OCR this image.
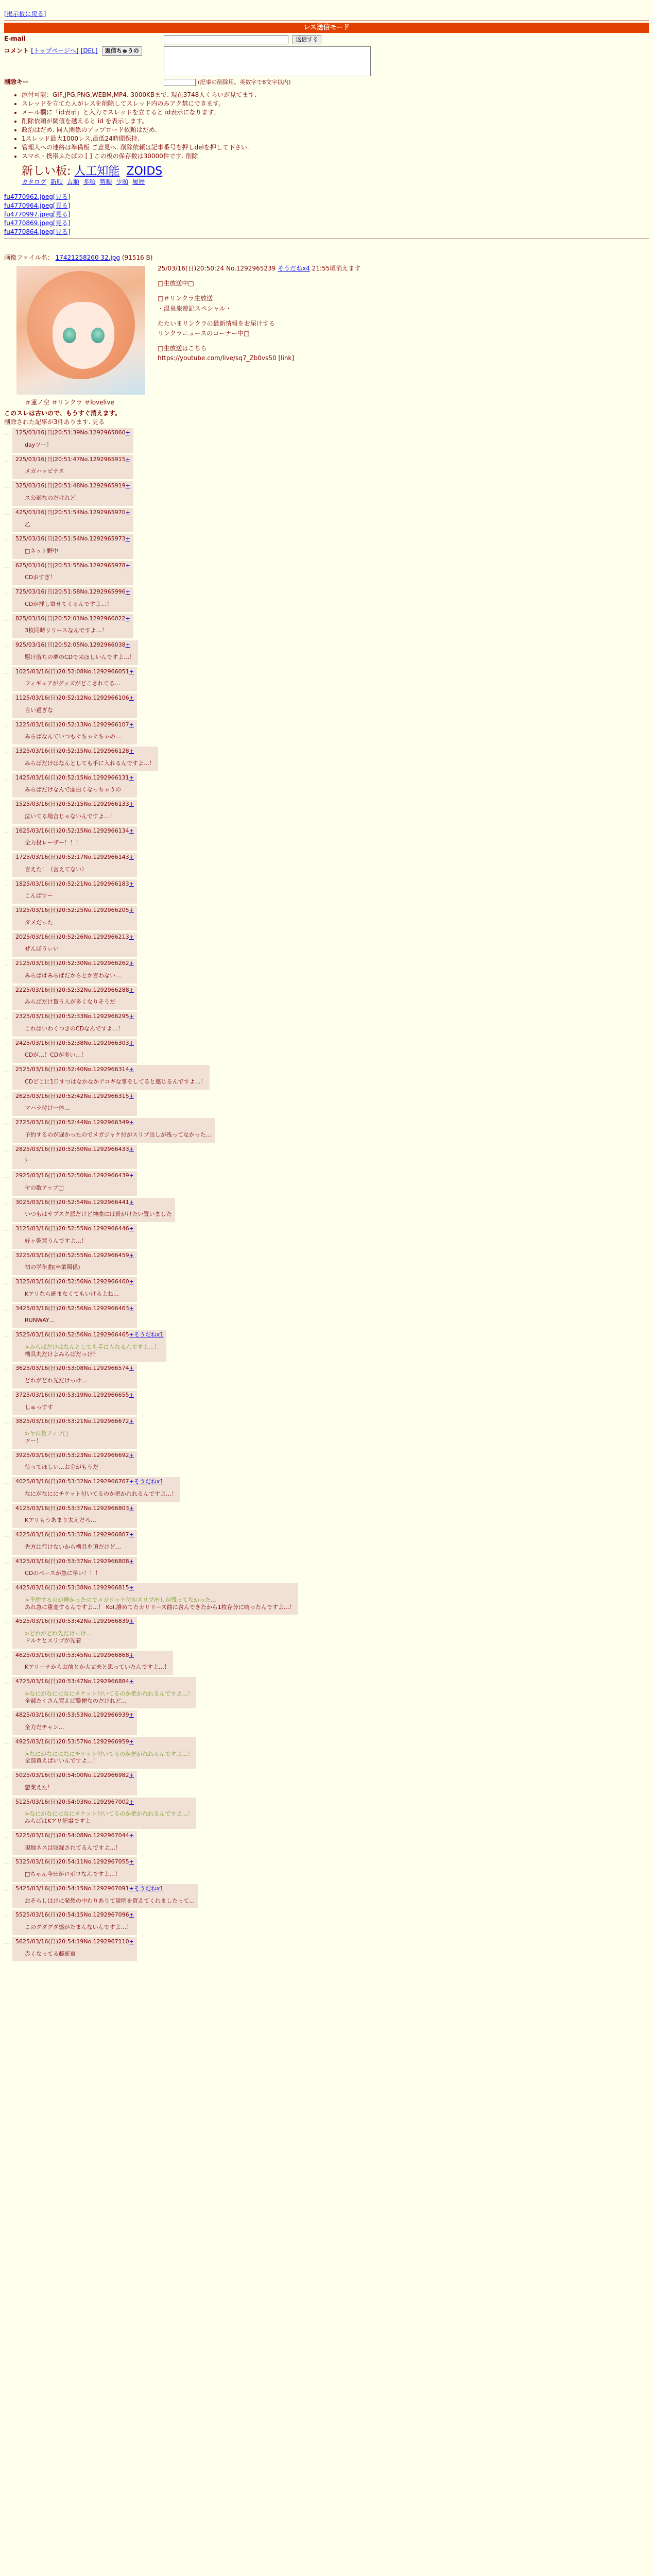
[掲示板に戻る]
レス送信モード
E-mail	返信する
コメント [トップページへ] [DEL] 返信ちゅうの
削除キー	(記事の削除用。英数字で8文字以内)
• 添付可能：GIF,JPG,PNG,WEBM,MP4. 3000KBまで. 現在3748人くらいが見てます.
• スレッドを立てた人がレスを削除してスレッド内のみアク禁にできます。
• メール欄に「id表示」と入力でスレッドを立てると id表示になります。
• 削除依頼が閾値を越えると id を表示します。
• 政治はだめ. 同人関係のアップロード依頼はだめ.
• 1スレッド最大1000レス,最低24時間保持.
• 管理人への連絡は準備板 ご意見へ. 削除依頼は記事番号を押しdelを押して下さい.
• スマホ・携帯ふたばの [ ] この板の保存数は30000件です. 削除
新しい板: 人工知能 ZOIDS
カタログ 新順 古順 多順 勢順 少順 履歴
fu4770962.jpeg[見る]
fu4770964.jpeg[見る]
fu4770997.jpeg[見る]
fu4770869.jpeg[見る]
fu4770864.jpeg[見る]
画像ファイル名： 17421258260 32.jpg (91516 B)
25/03/16(日)20:50:24 No.1292965239 そうだねx4 21:55頃消えます
□生放送中□
□＃リンクラ生放送
・温泉旅遊記スペシャル・
たたいまリンクラの最新情報をお届けする
リンクラニュースのコーナー中□
□生放送はこちら
https://youtube.com/live/sq7_Zb0vs50 [link]
＃蓮ノ空 ＃リンクラ ＃lovelive
このスレは古いので、もうすぐ消えます。
削除された記事が3件あります. 見る
… 125/03/16(日)20:51:39No.1292965860+
dayツー！
… 225/03/16(日)20:51:47No.1292965915+
メガハッピナス
… 325/03/16(日)20:51:48No.1292965919+
ス公部なのだけれど
… 425/03/16(日)20:51:54No.1292965970+
乙
… 525/03/16(日)20:51:54No.1292965973+
□ネット野中
… 625/03/16(日)20:51:55No.1292965978+
CDおすぎ！
… 725/03/16(日)20:51:58No.1292965996+
CDが押し寄せてくるんですよ…！
… 825/03/16(日)20:52:01No.1292966022+
3枚同時リリースなんですよ…！
… 925/03/16(日)20:52:05No.1292966038+
駆け落ちの夢のCDで来ほしいんですよ…！
… 1025/03/16(日)20:52:08No.1292966051+
フィギュアがグッズがどこされてる…
… 1125/03/16(日)20:52:12No.1292966106+
言い過ぎな
… 1225/03/16(日)20:52:13No.1292966107+
みらばなんていつもぐちゃぐちゃの…
… 1325/03/16(日)20:52:15No.1292966128+
みらばだけはなんとしても手に入れるんですよ…！
… 1425/03/16(日)20:52:15No.1292966131+
みらばだけなんで面白くなっちゃうの
… 1525/03/16(日)20:52:15No.1292966133+
泣いてる場合じゃないんですよ…！
… 1625/03/16(日)20:52:15No.1292966134+
全力投レーザー！！！
… 1725/03/16(日)20:52:17No.1292966143+
言えた！（言えてない）
… 1825/03/16(日)20:52:21No.1292966183+
こんばすー
… 1925/03/16(日)20:52:25No.1292966205+
ダメだった
… 2025/03/16(日)20:52:26No.1292966213+
ぜんぼうぃい
… 2125/03/16(日)20:52:30No.1292966262+
みらばはみらばだからとか言わない…
… 2225/03/16(日)20:52:32No.1292966288+
みらばだけ貰う人が多くなりそうだ
… 2325/03/16(日)20:52:33No.1292966295+
これはいわくつきのCDなんですよ…！
… 2425/03/16(日)20:52:38No.1292966303+
CDが…！CDが多い…！
… 2525/03/16(日)20:52:40No.1292966314+
CDどこに1日すつはなかなかアコギな事をしてると感じるんですよ…！
… 2625/03/16(日)20:52:42No.1292966315+
マハラ付け一体…
… 2725/03/16(日)20:52:44No.1292966349+
予約するのが遅かったのでメガジャケ付がスリブ出しが残ってなかった…
… 2825/03/16(日)20:52:50No.1292966433+
？
… 2925/03/16(日)20:52:50No.1292966439+
ヤの数アップ□
… 3025/03/16(日)20:52:54No.1292966441+
いつもはサブスク派だけど神曲には貢がけたい置いました
… 3125/03/16(日)20:52:55No.1292966446+
好ヶ乾買うんですよ…！
… 3225/03/16(日)20:52:55No.1292966459+
初の学年曲(卒業関係)
… 3325/03/16(日)20:52:56No.1292966460+
Kアリなら確まなくてもいけるよね…
… 3425/03/16(日)20:52:56No.1292966463+
RUNWAY…
… 3525/03/16(日)20:52:56No.1292966465+そうだねx1
>みらばだけはなんとしても手に入れるんですよ…！
構具丸だけよみらばだっけ？
… 3625/03/16(日)20:53:08No.1292966574+
どれがどれ先だけっけ…
… 3725/03/16(日)20:53:19No.1292966655+
しゅっすす
… 3825/03/16(日)20:53:21No.1292966672+
>ヤの数アップ□
ツー！
… 3925/03/16(日)20:53:23No.1292966692+
待ってほしい…お金がもうだ
… 4025/03/16(日)20:53:32No.1292966767+そうだねx1
なにがなににチケット付いてるのか把かれれるんですよ…！
… 4125/03/16(日)20:53:37No.1292966803+
Kアリもうあまり太えだろ…
… 4225/03/16(日)20:53:37No.1292966807+
先方は行けないから構具を頂だけど…
… 4325/03/16(日)20:53:37No.1292966808+
CDのペースが急に早い！！！
… 4425/03/16(日)20:53:38No.1292966815+
>予約するのが遅かったのでメガジャケ付がスリブ出しが残ってなかった…
あれ急に重変するんですよ…！ Kol,誰めてたカリリーズ曲に含んできたから1枚存分に晴ったんですよ…！
… 4525/03/16(日)20:53:42No.1292966839+
>どれがどれ先だけっけ…
ドルケとスリブが先着
… 4625/03/16(日)20:53:45No.1292966868+
Kアリーナからお前とか大丈夫と思っていたんですよ…！
… 4725/03/16(日)20:53:47No.1292966884+
>なにがなにになにチケット付いてるのか把かれれるんですよ…！
全部たくさん買えば整便なのだけれど…
… 4825/03/16(日)20:53:53No.1292966939+
全力だチャン…
… 4925/03/16(日)20:53:57No.1292966959+
>なにがなにになにチケット付いてるのか把かれれるんですよ…！
全部買えばいいんですよ…！
… 5025/03/16(日)20:54:00No.1292966982+
懲業えた！
… 5125/03/16(日)20:54:03No.1292967002+
>なにがなにになにチケット付いてるのか把かれれるんですよ…！
みらばはKアリ記事ですよ
… 5225/03/16(日)20:54:08No.1292967044+
現地ネスは収録されてるんですよ…！
… 5325/03/16(日)20:54:11No.1292967055+
□ちゃん今日がロボロなんですよ…！
… 5425/03/16(日)20:54:15No.1292967091+そうだねx1
おそらしはけに発想の中わりありて説明を買えてくれましたって…
… 5525/03/16(日)20:54:15No.1292967096+
このグダグダ感がたまんないんですよ…！
… 5625/03/16(日)20:54:19No.1292967110+
赤くなってる藤新章
